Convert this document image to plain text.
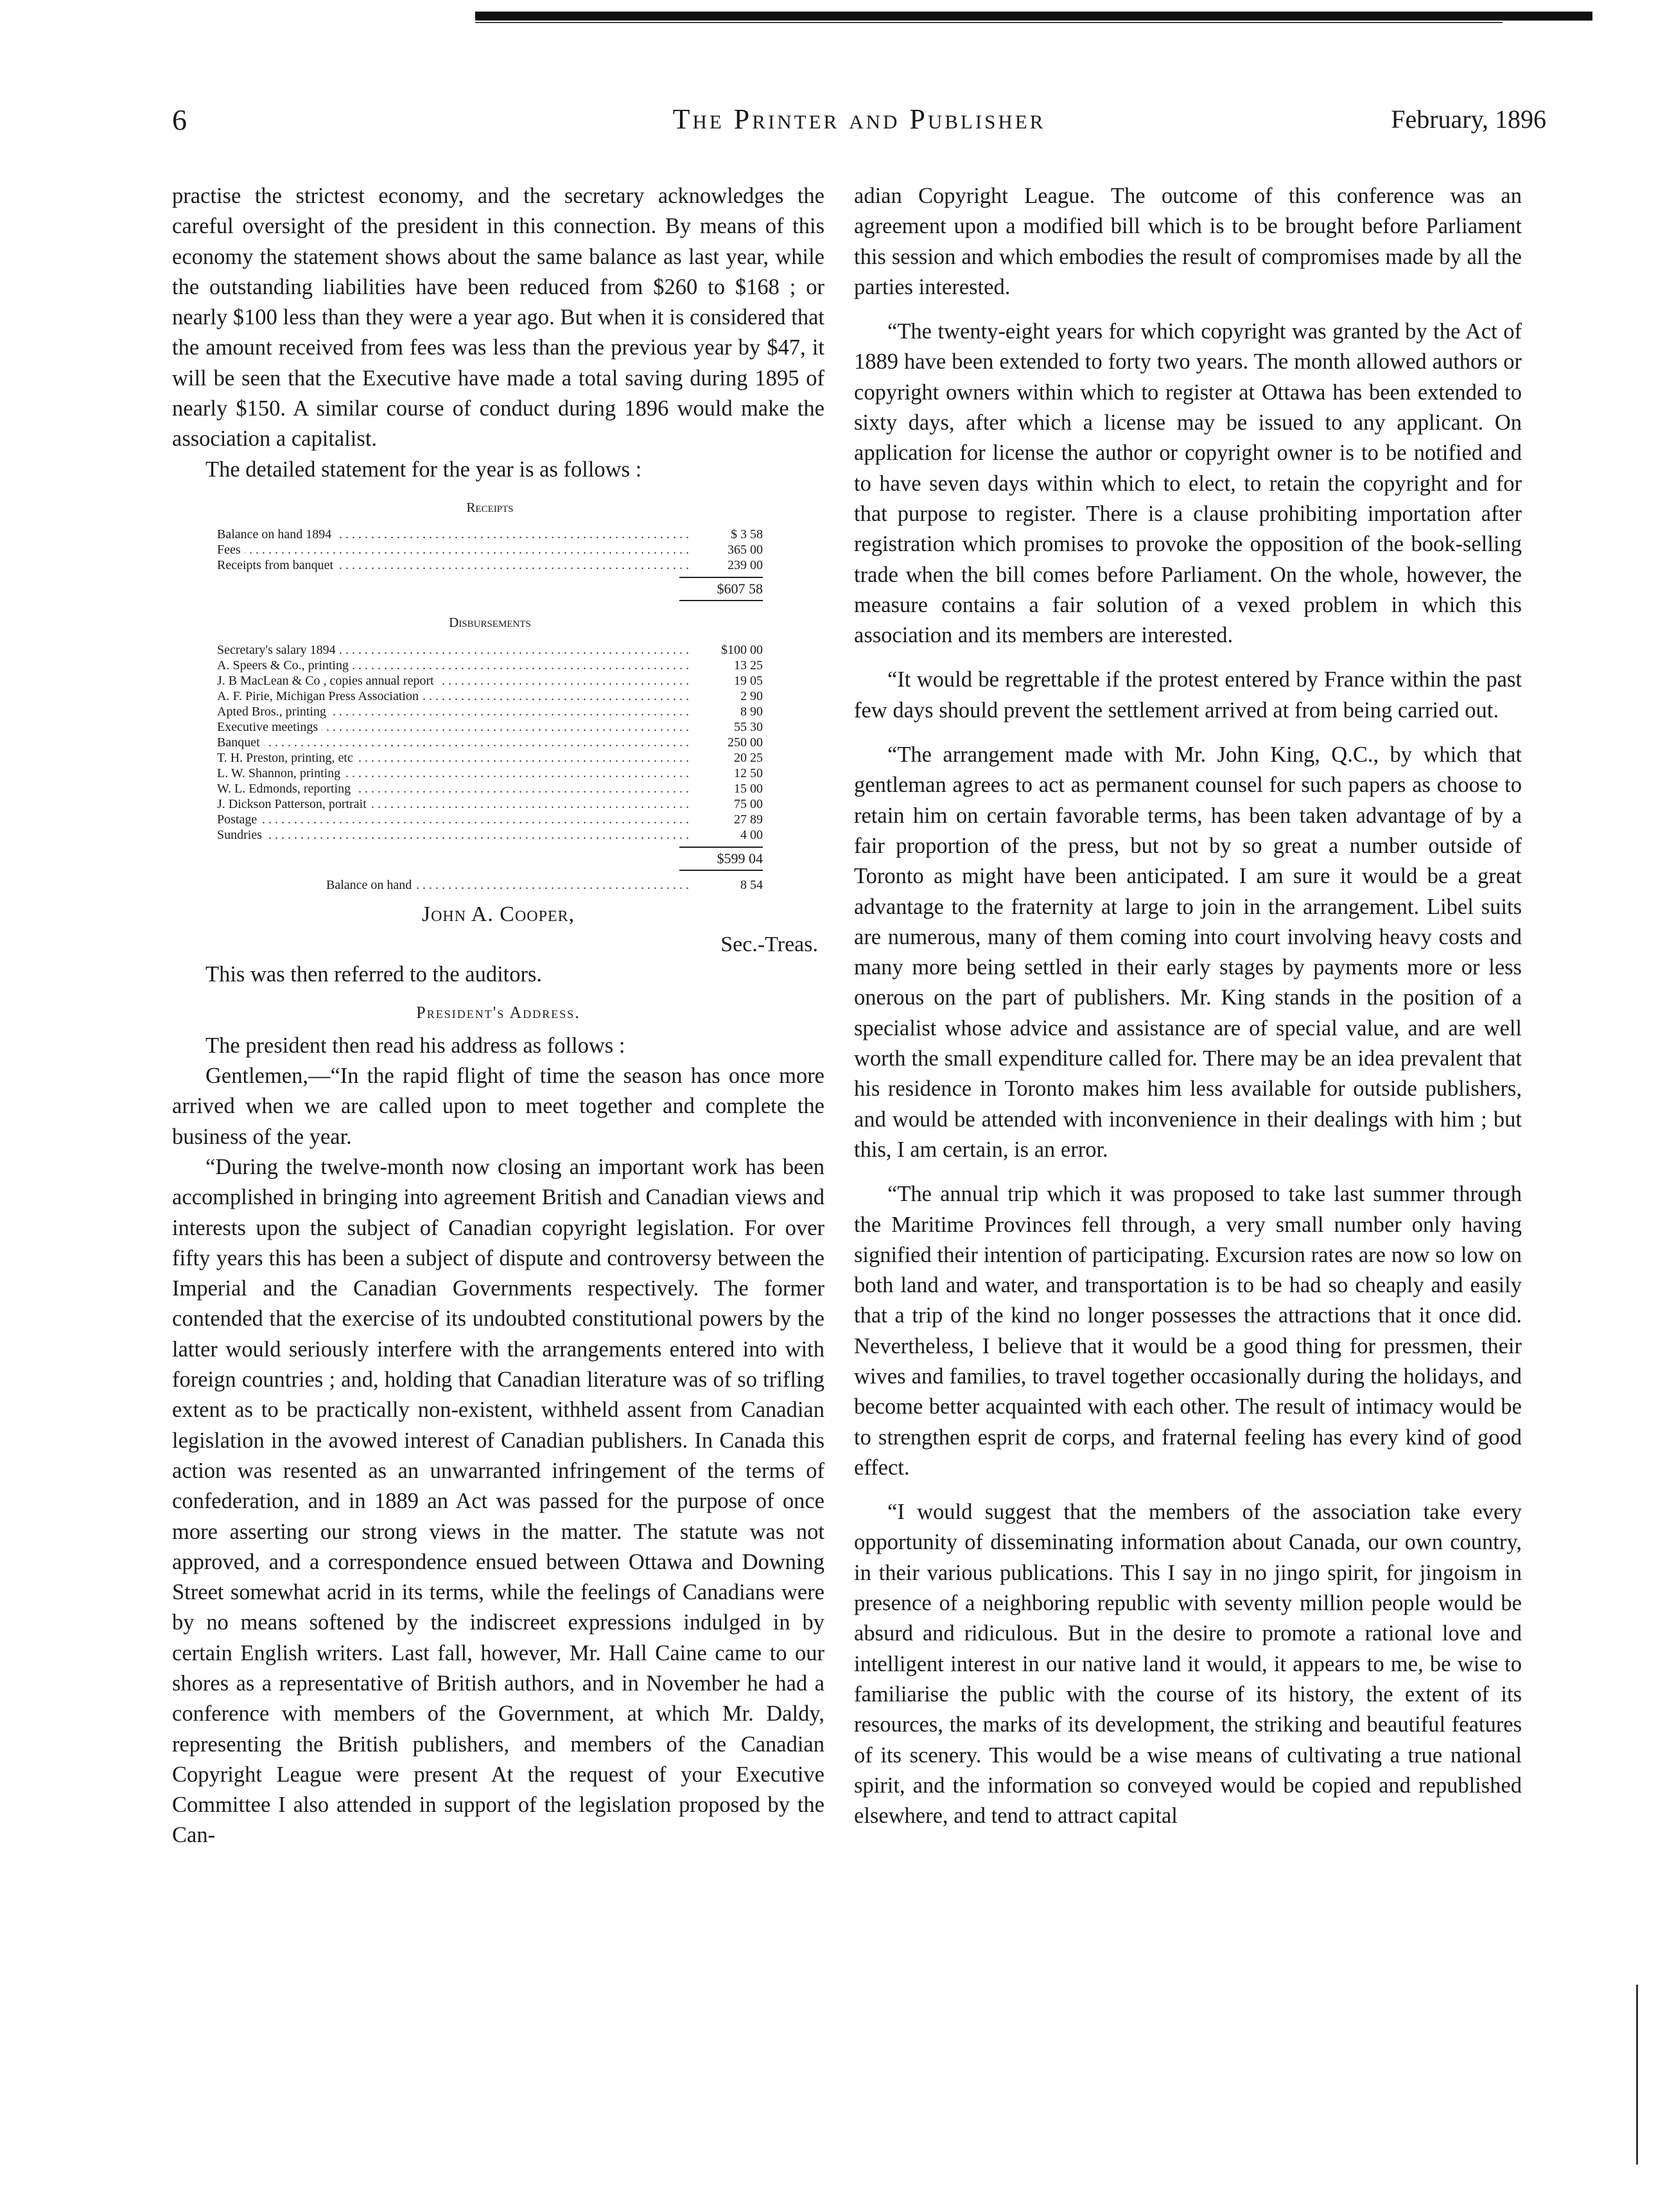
6	The Printer and Publisher	February, 1896

practise the strictest economy, and the secretary acknowledges the careful oversight of the president in this connection. By means of this economy the statement shows about the same balance as last year, while the outstanding liabilities have been reduced from $260 to $168 ; or nearly $100 less than they were a year ago. But when it is considered that the amount received from fees was less than the previous year by $47, it will be seen that the Executive have made a total saving during 1895 of nearly $150. A similar course of conduct during 1896 would make the association a capitalist.

The detailed statement for the year is as follows :

Receipts
Balance on hand 1894 . . .	$ 3 58
Fees . . .	365 00
Receipts from banquet . . .	239 00
$607 58
Disbursements
Secretary's salary 1894 . . .	$100 00
A. Speers & Co., printing . . .	13 25
J. B MacLean & Co , copies annual report . . .	19 05
A. F. Pirie, Michigan Press Association . . .	2 90
Apted Bros., printing . . .	8 90
Executive meetings . . .	55 30
Banquet . . .	250 00
T. H. Preston, printing, etc . . .	20 25
L. W. Shannon, printing . . .	12 50
W. L. Edmonds, reporting . . .	15 00
J. Dickson Patterson, portrait . . .	75 00
Postage . . .	27 89
Sundries . . .	4 00
$599 04
Balance on hand . . .	8 54
John A. Cooper,
Sec.-Treas.

This was then referred to the auditors.

President's Address.

The president then read his address as follows :

Gentlemen,—“In the rapid flight of time the season has once more arrived when we are called upon to meet together and complete the business of the year.

“During the twelve-month now closing an important work has been accomplished in bringing into agreement British and Canadian views and interests upon the subject of Canadian copyright legislation. For over fifty years this has been a subject of dispute and controversy between the Imperial and the Canadian Governments respectively. The former contended that the exercise of its undoubted constitutional powers by the latter would seriously interfere with the arrangements entered into with foreign countries ; and, holding that Canadian literature was of so trifling extent as to be practically non-existent, withheld assent from Canadian legislation in the avowed interest of Canadian publishers. In Canada this action was resented as an unwarranted infringement of the terms of confederation, and in 1889 an Act was passed for the purpose of once more asserting our strong views in the matter. The statute was not approved, and a correspondence ensued between Ottawa and Downing Street somewhat acrid in its terms, while the feelings of Canadians were by no means softened by the indiscreet expressions indulged in by certain English writers. Last fall, however, Mr. Hall Caine came to our shores as a representative of British authors, and in November he had a conference with members of the Government, at which Mr. Daldy, representing the British publishers, and members of the Canadian Copyright League were present At the request of your Executive Committee I also attended in support of the legislation proposed by the Can-

adian Copyright League. The outcome of this conference was an agreement upon a modified bill which is to be brought before Parliament this session and which embodies the result of compromises made by all the parties interested.

“The twenty-eight years for which copyright was granted by the Act of 1889 have been extended to forty two years. The month allowed authors or copyright owners within which to register at Ottawa has been extended to sixty days, after which a license may be issued to any applicant. On application for license the author or copyright owner is to be notified and to have seven days within which to elect, to retain the copyright and for that purpose to register. There is a clause prohibiting importation after registration which promises to provoke the opposition of the book-selling trade when the bill comes before Parliament. On the whole, however, the measure contains a fair solution of a vexed problem in which this association and its members are interested.

“It would be regrettable if the protest entered by France within the past few days should prevent the settlement arrived at from being carried out.

“The arrangement made with Mr. John King, Q.C., by which that gentleman agrees to act as permanent counsel for such papers as choose to retain him on certain favorable terms, has been taken advantage of by a fair proportion of the press, but not by so great a number outside of Toronto as might have been anticipated. I am sure it would be a great advantage to the fraternity at large to join in the arrangement. Libel suits are numerous, many of them coming into court involving heavy costs and many more being settled in their early stages by payments more or less onerous on the part of publishers. Mr. King stands in the position of a specialist whose advice and assistance are of special value, and are well worth the small expenditure called for. There may be an idea prevalent that his residence in Toronto makes him less available for outside publishers, and would be attended with inconvenience in their dealings with him ; but this, I am certain, is an error.

“The annual trip which it was proposed to take last summer through the Maritime Provinces fell through, a very small number only having signified their intention of participating. Excursion rates are now so low on both land and water, and transportation is to be had so cheaply and easily that a trip of the kind no longer possesses the attractions that it once did. Nevertheless, I believe that it would be a good thing for pressmen, their wives and families, to travel together occasionally during the holidays, and become better acquainted with each other. The result of intimacy would be to strengthen esprit de corps, and fraternal feeling has every kind of good effect.

“I would suggest that the members of the association take every opportunity of disseminating information about Canada, our own country, in their various publications. This I say in no jingo spirit, for jingoism in presence of a neighboring republic with seventy million people would be absurd and ridiculous. But in the desire to promote a rational love and intelligent interest in our native land it would, it appears to me, be wise to familiarise the public with the course of its history, the extent of its resources, the marks of its development, the striking and beautiful features of its scenery. This would be a wise means of cultivating a true national spirit, and the information so conveyed would be copied and republished elsewhere, and tend to attract capital
